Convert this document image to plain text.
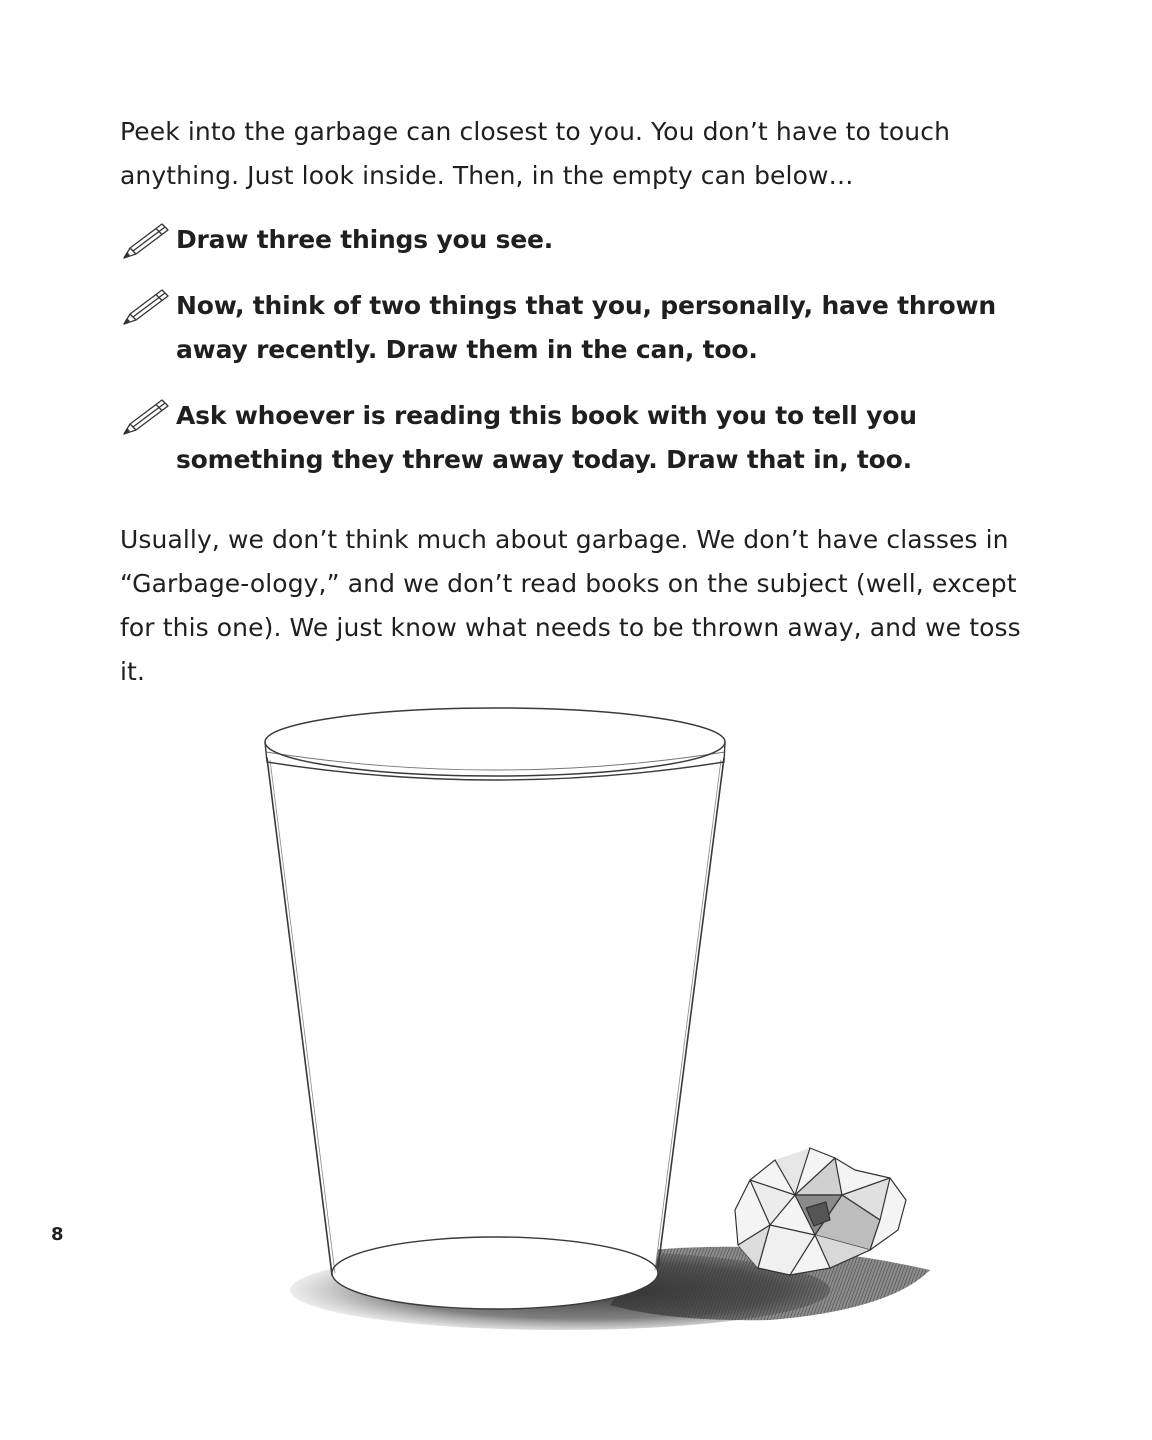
Peek into the garbage can closest to you. You don’t have to touch anything. Just look inside. Then, in the empty can below…

Draw three things you see.
Now, think of two things that you, personally, have thrown away recently. Draw them in the can, too.
Ask whoever is reading this book with you to tell you something they threw away today. Draw that in, too.

Usually, we don’t think much about garbage. We don’t have classes in “Garbage-ology,” and we don’t read books on the subject (well, except for this one). We just know what needs to be thrown away, and we toss it.

8
